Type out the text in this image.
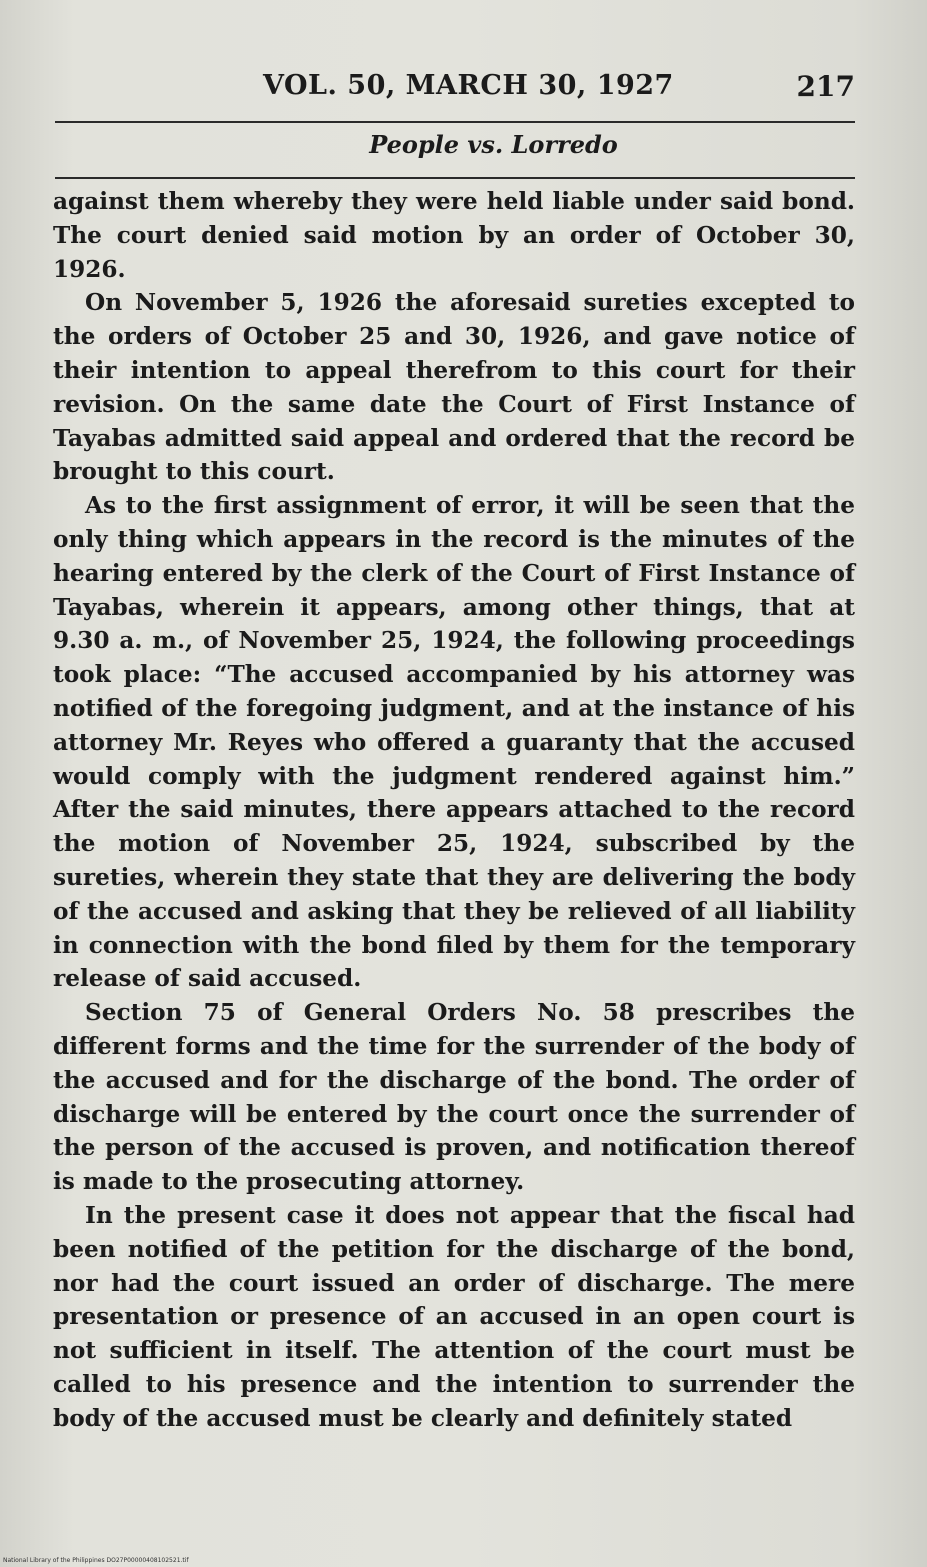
VOL. 50, MARCH 30, 1927	217
People vs. Lorredo

against them whereby they were held liable under said bond. The court denied said motion by an order of October 30, 1926.

On November 5, 1926 the aforesaid sureties excepted to the orders of October 25 and 30, 1926, and gave notice of their intention to appeal therefrom to this court for their revision. On the same date the Court of First Instance of Tayabas admitted said appeal and ordered that the record be brought to this court.

As to the first assignment of error, it will be seen that the only thing which appears in the record is the minutes of the hearing entered by the clerk of the Court of First Instance of Tayabas, wherein it appears, among other things, that at 9.30 a. m., of November 25, 1924, the following proceedings took place: “The accused accompanied by his attorney was notified of the foregoing judgment, and at the instance of his attorney Mr. Reyes who offered a guaranty that the accused would comply with the judgment rendered against him.” After the said minutes, there appears attached to the record the motion of November 25, 1924, subscribed by the sureties, wherein they state that they are delivering the body of the accused and asking that they be relieved of all liability in connection with the bond filed by them for the temporary release of said accused.

Section 75 of General Orders No. 58 prescribes the different forms and the time for the surrender of the body of the accused and for the discharge of the bond. The order of discharge will be entered by the court once the surrender of the person of the accused is proven, and notification thereof is made to the prosecuting attorney.

In the present case it does not appear that the fiscal had been notified of the petition for the discharge of the bond, nor had the court issued an order of discharge. The mere presentation or presence of an accused in an open court is not sufficient in itself. The attention of the court must be called to his presence and the intention to surrender the body of the accused must be clearly and definitely stated

National Library of the Philippines DO27P00000408102521.tif
